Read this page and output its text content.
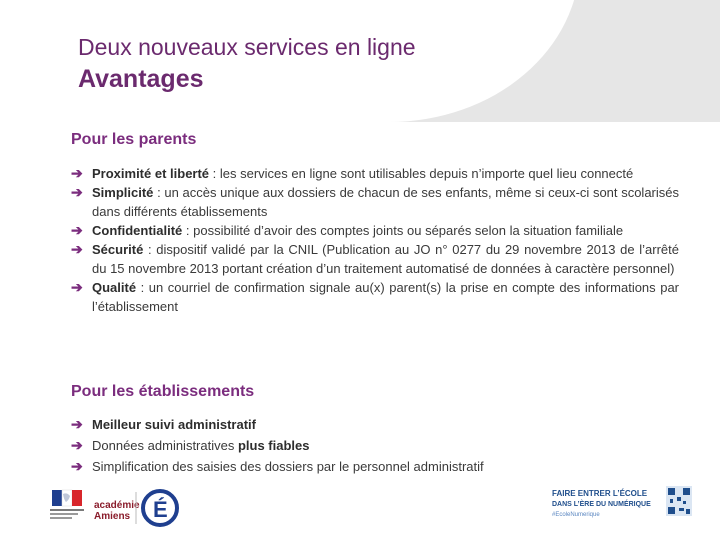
Deux nouveaux services en ligne
Avantages
Pour les parents
➔ Proximité et liberté : les services en ligne sont utilisables depuis n’importe quel lieu connecté
➔ Simplicité : un accès unique aux dossiers de chacun de ses enfants, même si ceux-ci sont scolarisés dans différents établissements
➔ Confidentialité : possibilité d’avoir des comptes joints ou séparés selon la situation familiale
➔ Sécurité : dispositif validé par la CNIL (Publication au JO n° 0277 du 29 novembre 2013 de l’arrêté du 15 novembre 2013 portant création d’un traitement automatisé de données à caractère personnel)
➔ Qualité : un courriel de confirmation signale au(x) parent(s) la prise en compte des informations par l’établissement
Pour les établissements
➔ Meilleur suivi administratif
➔ Données administratives plus fiables
➔ Simplification des saisies des dossiers par le personnel administratif
académie
Amiens É
FAIRE ENTRER L’ÉCOLE
DANS L’ÈRE DU NUMÉRIQUE
#EcoleNumerique
